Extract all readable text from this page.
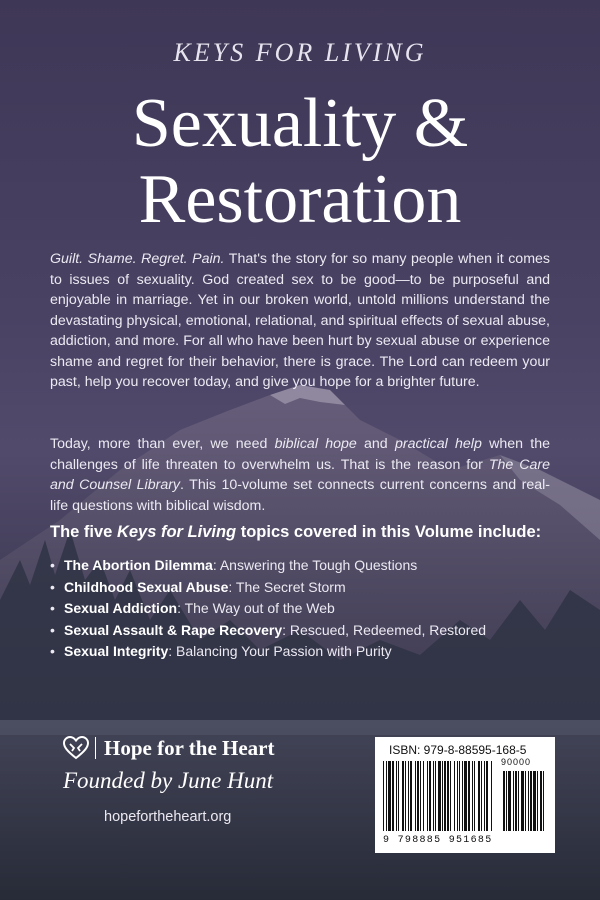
KEYS FOR LIVING
Sexuality &
Restoration
Guilt. Shame. Regret. Pain. That's the story for so many people when it comes to issues of sexuality. God created sex to be good—to be purposeful and enjoyable in marriage. Yet in our broken world, untold millions understand the devastating physical, emotional, relational, and spiritual effects of sexual abuse, addiction, and more. For all who have been hurt by sexual abuse or experience shame and regret for their behavior, there is grace. The Lord can redeem your past, help you recover today, and give you hope for a brighter future.
Today, more than ever, we need biblical hope and practical help when the challenges of life threaten to overwhelm us. That is the reason for The Care and Counsel Library. This 10-volume set connects current concerns and real-life questions with biblical wisdom.
The five Keys for Living topics covered in this Volume include:
• The Abortion Dilemma: Answering the Tough Questions
• Childhood Sexual Abuse: The Secret Storm
• Sexual Addiction: The Way out of the Web
• Sexual Assault & Rape Recovery: Rescued, Redeemed, Restored
• Sexual Integrity: Balancing Your Passion with Purity
Hope for the Heart
Founded by June Hunt
hopefortheheart.org
ISBN: 979-8-88595-168-5
90000
9 798885 951685
